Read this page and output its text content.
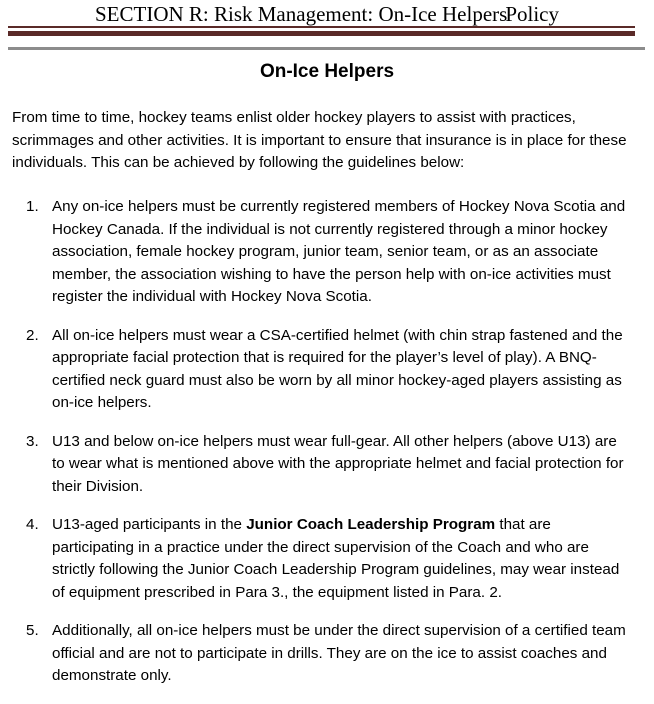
SECTION R: Risk Management: On-Ice HelpersPolicy
On-Ice Helpers
From time to time, hockey teams enlist older hockey players to assist with practices, scrimmages and other activities. It is important to ensure that insurance is in place for these individuals. This can be achieved by following the guidelines below:
1. Any on-ice helpers must be currently registered members of Hockey Nova Scotia and Hockey Canada. If the individual is not currently registered through a minor hockey association, female hockey program, junior team, senior team, or as an associate member, the association wishing to have the person help with on-ice activities must register the individual with Hockey Nova Scotia.
2. All on-ice helpers must wear a CSA-certified helmet (with chin strap fastened and the appropriate facial protection that is required for the player’s level of play). A BNQ-certified neck guard must also be worn by all minor hockey-aged players assisting as on-ice helpers.
3. U13 and below on-ice helpers must wear full-gear. All other helpers (above U13) are to wear what is mentioned above with the appropriate helmet and facial protection for their Division.
4. U13-aged participants in the Junior Coach Leadership Program that are participating in a practice under the direct supervision of the Coach and who are strictly following the Junior Coach Leadership Program guidelines, may wear instead of equipment prescribed in Para 3., the equipment listed in Para. 2.
5. Additionally, all on-ice helpers must be under the direct supervision of a certified team official and are not to participate in drills. They are on the ice to assist coaches and demonstrate only.
